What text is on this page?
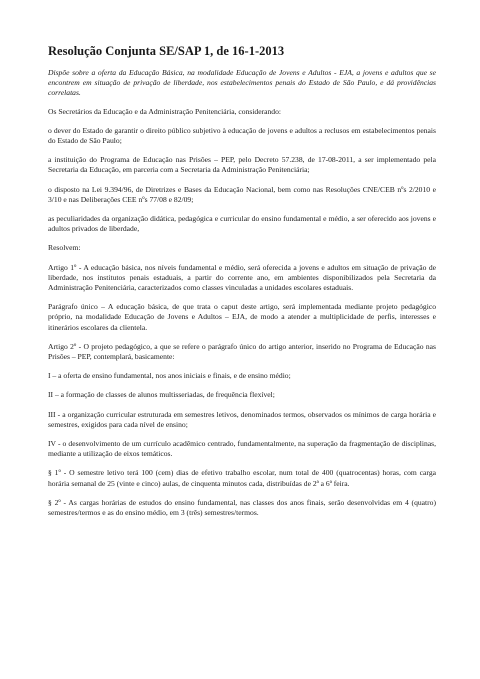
Resolução Conjunta SE/SAP 1, de 16-1-2013
Dispõe sobre a oferta da Educação Básica, na modalidade Educação de Jovens e Adultos - EJA, a jovens e adultos que se encontrem em situação de privação de liberdade, nos estabelecimentos penais do Estado de São Paulo, e dá providências correlatas.
Os Secretários da Educação e da Administração Penitenciária, considerando:
o dever do Estado de garantir o direito público subjetivo à educação de jovens e adultos a reclusos em estabelecimentos penais do Estado de São Paulo;
a instituição do Programa de Educação nas Prisões – PEP, pelo Decreto 57.238, de 17-08-2011, a ser implementado pela Secretaria da Educação, em parceria com a Secretaria da Administração Penitenciária;
o disposto na Lei 9.394/96, de Diretrizes e Bases da Educação Nacional, bem como nas Resoluções CNE/CEB nºs 2/2010 e 3/10 e nas Deliberações CEE nºs 77/08 e 82/09;
as peculiaridades da organização didática, pedagógica e curricular do ensino fundamental e médio, a ser oferecido aos jovens e adultos privados de liberdade,
Resolvem:
Artigo 1º - A educação básica, nos níveis fundamental e médio, será oferecida a jovens e adultos em situação de privação de liberdade, nos institutos penais estaduais, a partir do corrente ano, em ambientes disponibilizados pela Secretaria da Administração Penitenciária, caracterizados como classes vinculadas a unidades escolares estaduais.
Parágrafo único – A educação básica, de que trata o caput deste artigo, será implementada mediante projeto pedagógico próprio, na modalidade Educação de Jovens e Adultos – EJA, de modo a atender a multiplicidade de perfis, interesses e itinerários escolares da clientela.
Artigo 2º - O projeto pedagógico, a que se refere o parágrafo único do artigo anterior, inserido no Programa de Educação nas Prisões – PEP, contemplará, basicamente:
I – a oferta de ensino fundamental, nos anos iniciais e finais, e de ensino médio;
II – a formação de classes de alunos multisseriadas, de frequência flexível;
III - a organização curricular estruturada em semestres letivos, denominados termos, observados os mínimos de carga horária e semestres, exigidos para cada nível de ensino;
IV - o desenvolvimento de um currículo acadêmico centrado, fundamentalmente, na superação da fragmentação de disciplinas, mediante a utilização de eixos temáticos.
§ 1º - O semestre letivo terá 100 (cem) dias de efetivo trabalho escolar, num total de 400 (quatrocentas) horas, com carga horária semanal de 25 (vinte e cinco) aulas, de cinquenta minutos cada, distribuídas de 2ª a 6ª feira.
§ 2º - As cargas horárias de estudos do ensino fundamental, nas classes dos anos finais, serão desenvolvidas em 4 (quatro) semestres/termos e as do ensino médio, em 3 (três) semestres/termos.
